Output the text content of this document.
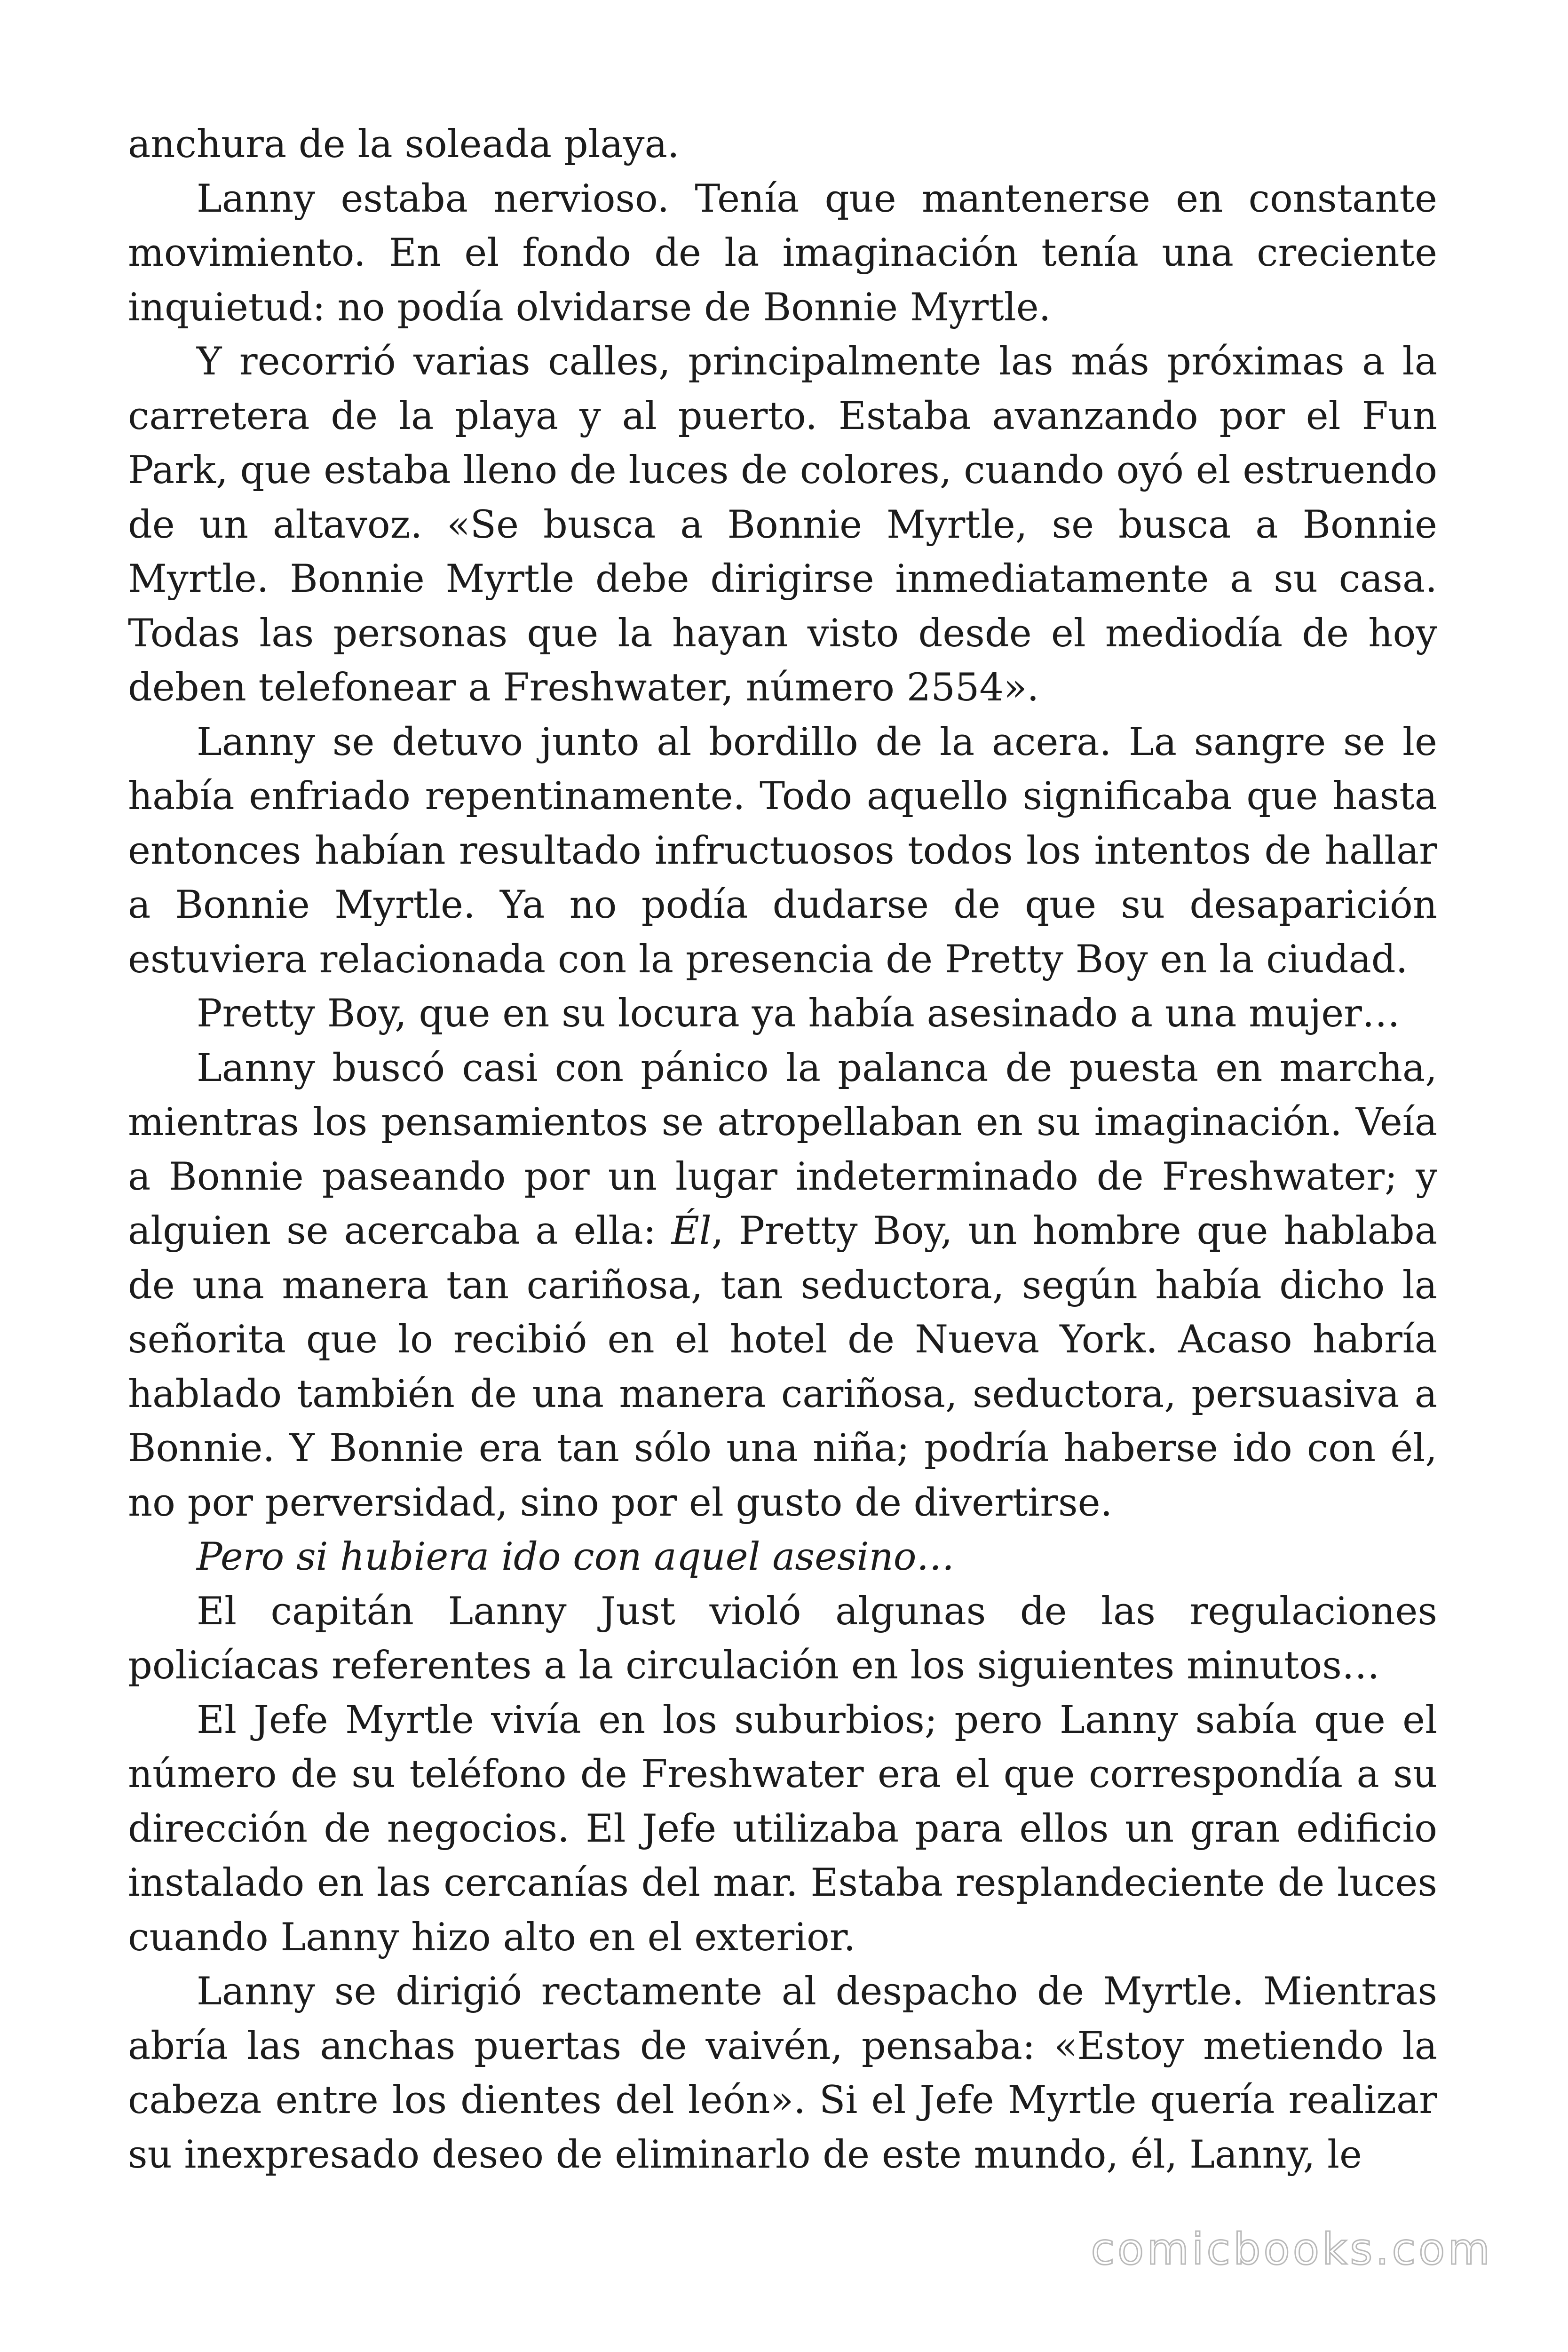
anchura de la soleada playa.

Lanny estaba nervioso. Tenía que mantenerse en constante movimiento. En el fondo de la imaginación tenía una creciente inquietud: no podía olvidarse de Bonnie Myrtle.

Y recorrió varias calles, principalmente las más próximas a la carretera de la playa y al puerto. Estaba avanzando por el Fun Park, que estaba lleno de luces de colores, cuando oyó el estruendo de un altavoz. «Se busca a Bonnie Myrtle, se busca a Bonnie Myrtle. Bonnie Myrtle debe dirigirse inmediatamente a su casa. Todas las personas que la hayan visto desde el mediodía de hoy deben telefonear a Freshwater, número 2554».

Lanny se detuvo junto al bordillo de la acera. La sangre se le había enfriado repentinamente. Todo aquello significaba que hasta entonces habían resultado infructuosos todos los intentos de hallar a Bonnie Myrtle. Ya no podía dudarse de que su desaparición estuviera relacionada con la presencia de Pretty Boy en la ciudad.

Pretty Boy, que en su locura ya había asesinado a una mujer…

Lanny buscó casi con pánico la palanca de puesta en marcha, mientras los pensamientos se atropellaban en su imaginación. Veía a Bonnie paseando por un lugar indeterminado de Freshwater; y alguien se acercaba a ella: Él, Pretty Boy, un hombre que hablaba de una manera tan cariñosa, tan seductora, según había dicho la señorita que lo recibió en el hotel de Nueva York. Acaso habría hablado también de una manera cariñosa, seductora, persuasiva a Bonnie. Y Bonnie era tan sólo una niña; podría haberse ido con él, no por perversidad, sino por el gusto de divertirse.

Pero si hubiera ido con aquel asesino…

El capitán Lanny Just violó algunas de las regulaciones policíacas referentes a la circulación en los siguientes minutos…

El Jefe Myrtle vivía en los suburbios; pero Lanny sabía que el número de su teléfono de Freshwater era el que correspondía a su dirección de negocios. El Jefe utilizaba para ellos un gran edificio instalado en las cercanías del mar. Estaba resplandeciente de luces cuando Lanny hizo alto en el exterior.

Lanny se dirigió rectamente al despacho de Myrtle. Mientras abría las anchas puertas de vaivén, pensaba: «Estoy metiendo la cabeza entre los dientes del león». Si el Jefe Myrtle quería realizar su inexpresado deseo de eliminarlo de este mundo, él, Lanny, le

comicbooks.com
